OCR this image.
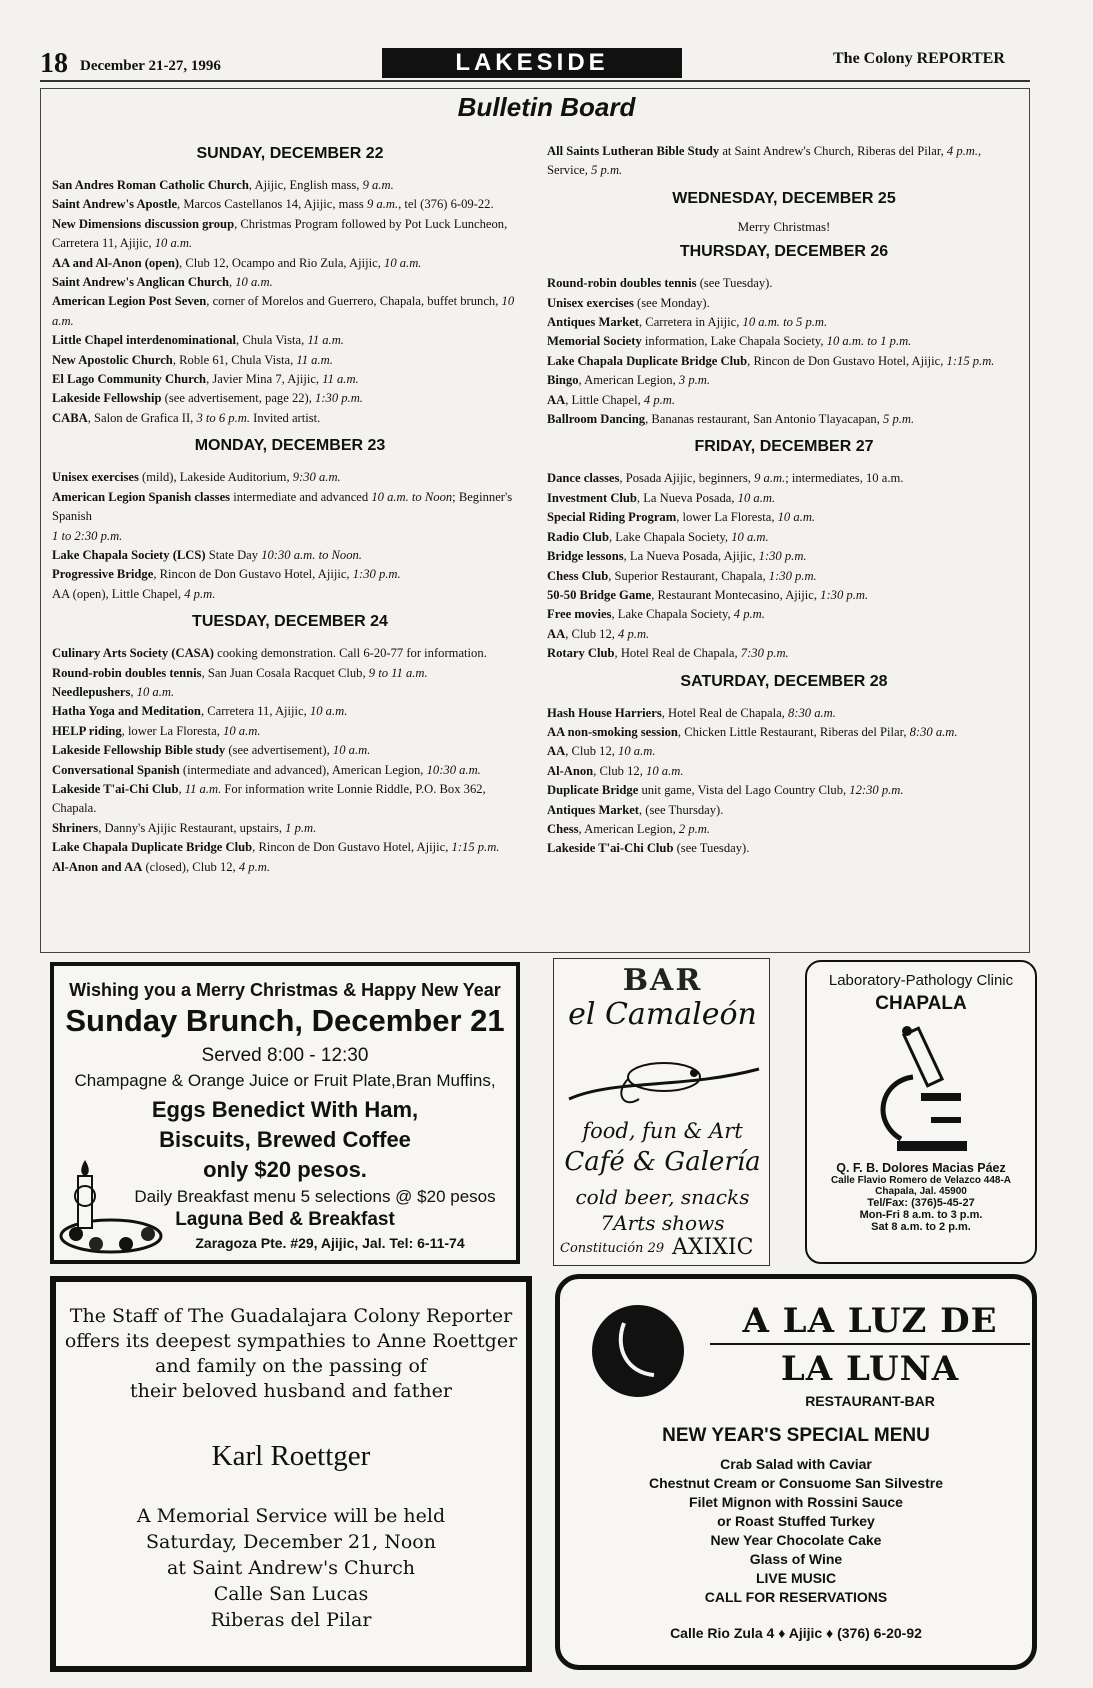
18 December 21-27, 1996	LAKESIDE	The Colony REPORTER
Bulletin Board
SUNDAY, DECEMBER 22

San Andres Roman Catholic Church, Ajijic, English mass, 9 a.m.

Saint Andrew's Apostle, Marcos Castellanos 14, Ajijic, mass 9 a.m., tel (376) 6-09-22.

New Dimensions discussion group, Christmas Program followed by Pot Luck Luncheon, Carretera 11, Ajijic, 10 a.m.

AA and Al-Anon (open), Club 12, Ocampo and Rio Zula, Ajijic, 10 a.m.

Saint Andrew's Anglican Church, 10 a.m.

American Legion Post Seven, corner of Morelos and Guerrero, Chapala, buffet brunch, 10 a.m.

Little Chapel interdenominational, Chula Vista, 11 a.m.

New Apostolic Church, Roble 61, Chula Vista, 11 a.m.

El Lago Community Church, Javier Mina 7, Ajijic, 11 a.m.

Lakeside Fellowship (see advertisement, page 22), 1:30 p.m.

CABA, Salon de Grafica II, 3 to 6 p.m. Invited artist.

MONDAY, DECEMBER 23

Unisex exercises (mild), Lakeside Auditorium, 9:30 a.m.

American Legion Spanish classes intermediate and advanced 10 a.m. to Noon; Beginner's Spanish

1 to 2:30 p.m.

Lake Chapala Society (LCS) State Day 10:30 a.m. to Noon.

Progressive Bridge, Rincon de Don Gustavo Hotel, Ajijic, 1:30 p.m.

AA (open), Little Chapel, 4 p.m.

TUESDAY, DECEMBER 24

Culinary Arts Society (CASA) cooking demonstration. Call 6-20-77 for information.

Round-robin doubles tennis, San Juan Cosala Racquet Club, 9 to 11 a.m.

Needlepushers, 10 a.m.

Hatha Yoga and Meditation, Carretera 11, Ajijic, 10 a.m.

HELP riding, lower La Floresta, 10 a.m.

Lakeside Fellowship Bible study (see advertisement), 10 a.m.

Conversational Spanish (intermediate and advanced), American Legion, 10:30 a.m.

Lakeside T'ai-Chi Club, 11 a.m. For information write Lonnie Riddle, P.O. Box 362, Chapala.

Shriners, Danny's Ajijic Restaurant, upstairs, 1 p.m.

Lake Chapala Duplicate Bridge Club, Rincon de Don Gustavo Hotel, Ajijic, 1:15 p.m.

Al-Anon and AA (closed), Club 12, 4 p.m.

All Saints Lutheran Bible Study at Saint Andrew's Church, Riberas del Pilar, 4 p.m., Service, 5 p.m.

WEDNESDAY, DECEMBER 25
Merry Christmas!
THURSDAY, DECEMBER 26

Round-robin doubles tennis (see Tuesday).

Unisex exercises (see Monday).

Antiques Market, Carretera in Ajijic, 10 a.m. to 5 p.m.

Memorial Society information, Lake Chapala Society, 10 a.m. to 1 p.m.

Lake Chapala Duplicate Bridge Club, Rincon de Don Gustavo Hotel, Ajijic, 1:15 p.m.

Bingo, American Legion, 3 p.m.

AA, Little Chapel, 4 p.m.

Ballroom Dancing, Bananas restaurant, San Antonio Tlayacapan, 5 p.m.

FRIDAY, DECEMBER 27

Dance classes, Posada Ajijic, beginners, 9 a.m.; intermediates, 10 a.m.

Investment Club, La Nueva Posada, 10 a.m.

Special Riding Program, lower La Floresta, 10 a.m.

Radio Club, Lake Chapala Society, 10 a.m.

Bridge lessons, La Nueva Posada, Ajijic, 1:30 p.m.

Chess Club, Superior Restaurant, Chapala, 1:30 p.m.

50-50 Bridge Game, Restaurant Montecasino, Ajijic, 1:30 p.m.

Free movies, Lake Chapala Society, 4 p.m.

AA, Club 12, 4 p.m.

Rotary Club, Hotel Real de Chapala, 7:30 p.m.

SATURDAY, DECEMBER 28

Hash House Harriers, Hotel Real de Chapala, 8:30 a.m.

AA non-smoking session, Chicken Little Restaurant, Riberas del Pilar, 8:30 a.m.

AA, Club 12, 10 a.m.

Al-Anon, Club 12, 10 a.m.

Duplicate Bridge unit game, Vista del Lago Country Club, 12:30 p.m.

Antiques Market, (see Thursday).

Chess, American Legion, 2 p.m.

Lakeside T'ai-Chi Club (see Tuesday).

Wishing you a Merry Christmas & Happy New Year
Sunday Brunch, December 21
Served 8:00 - 12:30
Champagne & Orange Juice or Fruit Plate,Bran Muffins,
Eggs Benedict With Ham,
Biscuits, Brewed Coffee
only $20 pesos.
Daily Breakfast menu 5 selections @ $20 pesos
Laguna Bed & Breakfast
Zaragoza Pte. #29, Ajijic, Jal. Tel: 6-11-74
BAR
el Camaleón
food, fun & Art
Café & Galería
cold beer, snacks
7Arts shows
Constitución 29 AXIXIC
Laboratory-Pathology Clinic
CHAPALA
Q. F. B. Dolores Macias Páez
Calle Flavio Romero de Velazco 448-A
Chapala, Jal. 45900
Tel/Fax: (376)5-45-27
Mon-Fri 8 a.m. to 3 p.m.
Sat 8 a.m. to 2 p.m.
The Staff of The Guadalajara Colony Reporter
offers its deepest sympathies to Anne Roettger
and family on the passing of
their beloved husband and father
Karl Roettger
A Memorial Service will be held
Saturday, December 21, Noon
at Saint Andrew's Church
Calle San Lucas
Riberas del Pilar
A LA LUZ DE
LA LUNA
RESTAURANT-BAR
NEW YEAR'S SPECIAL MENU
Crab Salad with Caviar
Chestnut Cream or Consuome San Silvestre
Filet Mignon with Rossini Sauce
or Roast Stuffed Turkey
New Year Chocolate Cake
Glass of Wine
LIVE MUSIC
CALL FOR RESERVATIONS
Calle Rio Zula 4 ♦ Ajijic ♦ (376) 6-20-92
